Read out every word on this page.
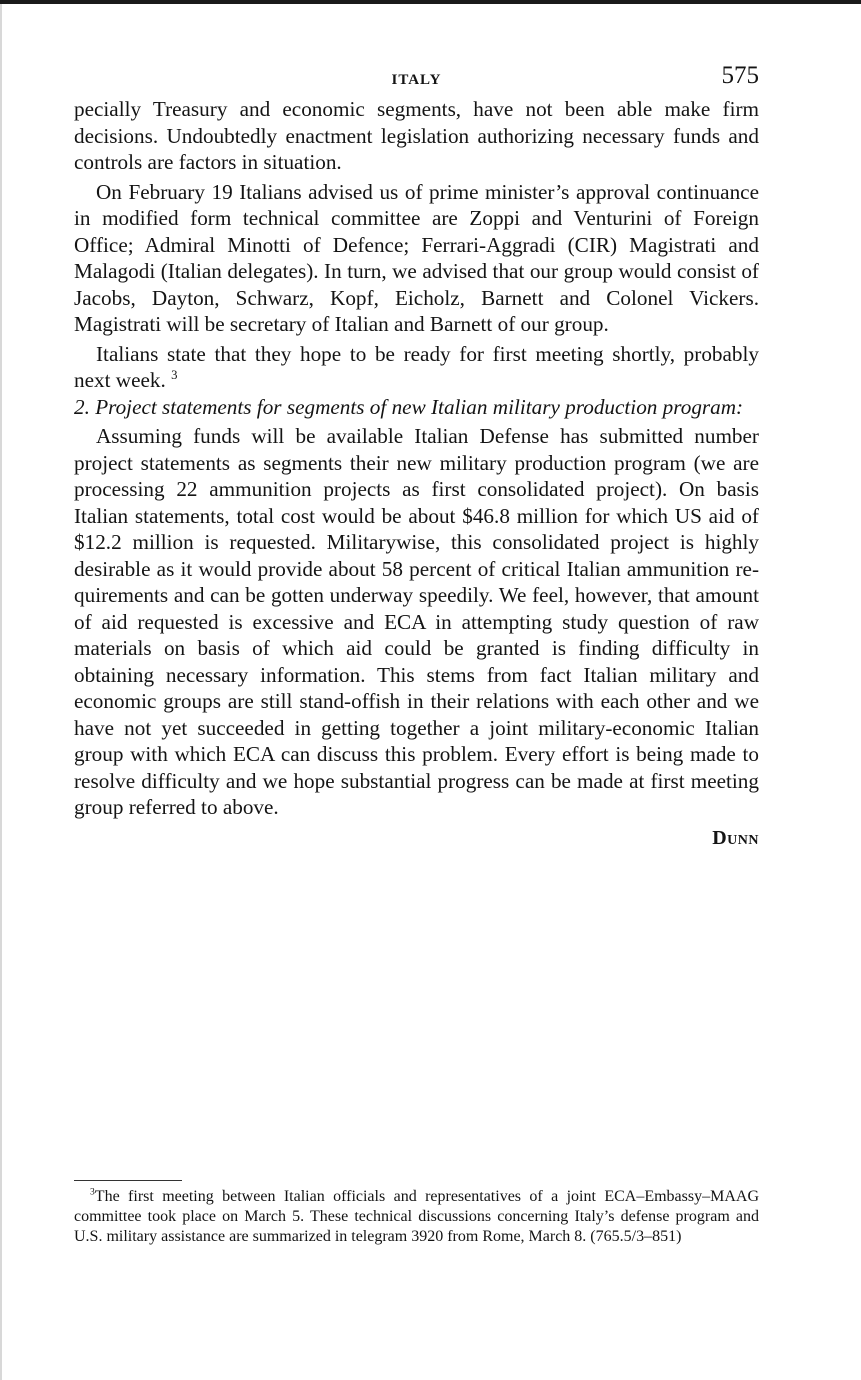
ITALY	575

pecially Treasury and economic segments, have not been able make firm decisions. Undoubtedly enactment legislation authorizing necessary funds and controls are factors in situation.

On February 19 Italians advised us of prime minister’s approval continuance in modified form technical committee are Zoppi and Venturini of Foreign Office; Admiral Minotti of Defence; Ferrari-Aggradi (CIR) Magistrati and Malagodi (Italian delegates). In turn, we advised that our group would consist of Jacobs, Dayton, Schwarz, Kopf, Eicholz, Barnett and Colonel Vickers. Magistrati will be secretary of Italian and Barnett of our group.

Italians state that they hope to be ready for first meeting shortly, probably next week. $^3$

2. Project statements for segments of new Italian military production program:

Assuming funds will be available Italian Defense has submitted number project statements as segments their new military production program (we are processing 22 ammunition projects as first consolidated project). On basis Italian statements, total cost would be about $46.8 million for which US aid of $12.2 million is requested. Militarywise, this consolidated project is highly desirable as it would provide about 58 percent of critical Italian ammunition requirements and can be gotten underway speedily. We feel, however, that amount of aid requested is excessive and ECA in attempting study question of raw materials on basis of which aid could be granted is finding difficulty in obtaining necessary information. This stems from fact Italian military and economic groups are still stand-offish in their relations with each other and we have not yet succeeded in getting together a joint military-economic Italian group with which ECA can discuss this problem. Every effort is being made to resolve difficulty and we hope substantial progress can be made at first meeting group referred to above.

Dunn
$^3$The first meeting between Italian officials and representatives of a joint ECA–Embassy–MAAG committee took place on March 5. These technical discussions concerning Italy’s defense program and U.S. military assistance are summarized in telegram 3920 from Rome, March 8. (765.5/3–851)
